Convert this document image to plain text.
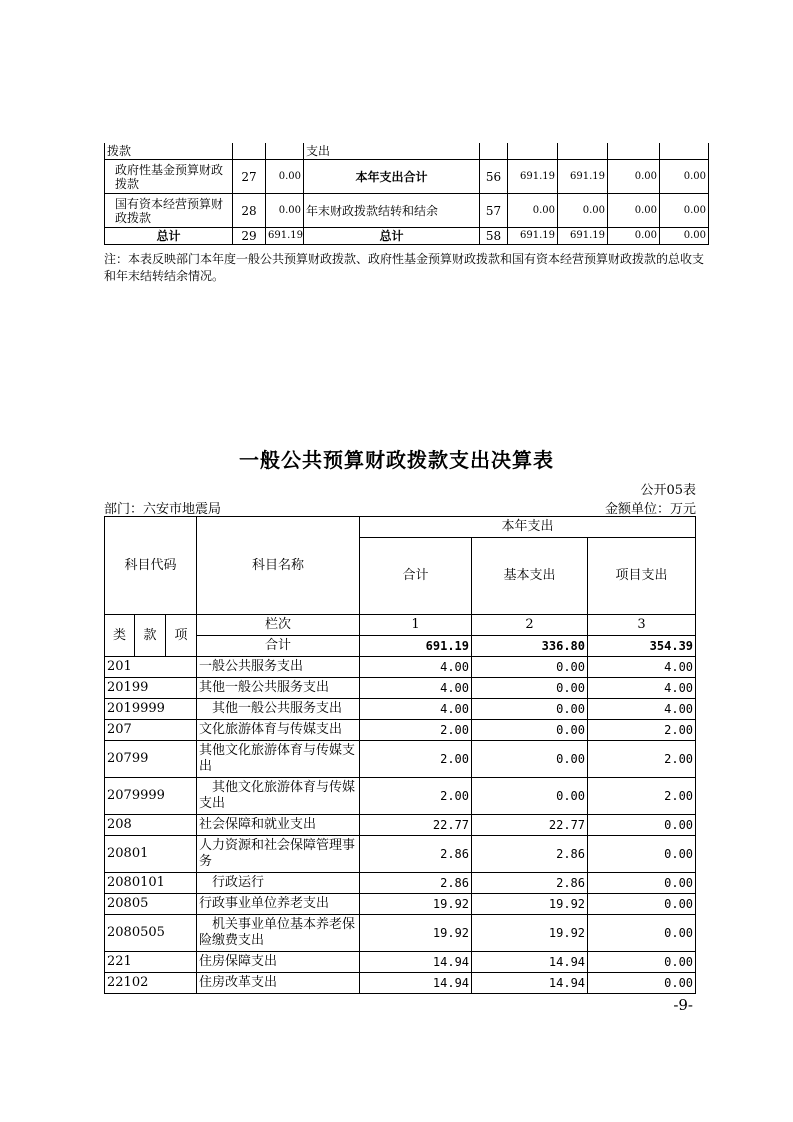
拨款			支出					
政府性基金预算财政拨款	27	0.00	本年支出合计	56	691.19	691.19	0.00	0.00
国有资本经营预算财政拨款	28	0.00	年末财政拨款结转和结余	57	0.00	0.00	0.00	0.00
总计	29	691.19	总计	58	691.19	691.19	0.00	0.00
注：本表反映部门本年度一般公共预算财政拨款、政府性基金预算财政拨款和国有资本经营预算财政拨款的总收支和年末结转结余情况。
一般公共预算财政拨款支出决算表
公开05表
部门：六安市地震局	金额单位：万元
科目代码			科目名称	本年支出		
				合计	基本支出	项目支出
类	款	项	栏次	1	2	3
			合计	691.19	336.80	354.39
201			一般公共服务支出	4.00	0.00	4.00
20199			其他一般公共服务支出	4.00	0.00	4.00
2019999			其他一般公共服务支出	4.00	0.00	4.00
207			文化旅游体育与传媒支出	2.00	0.00	2.00
20799			其他文化旅游体育与传媒支出	2.00	0.00	2.00
2079999			其他文化旅游体育与传媒支出	2.00	0.00	2.00
208			社会保障和就业支出	22.77	22.77	0.00
20801			人力资源和社会保障管理事务	2.86	2.86	0.00
2080101			行政运行	2.86	2.86	0.00
20805			行政事业单位养老支出	19.92	19.92	0.00
2080505			机关事业单位基本养老保险缴费支出	19.92	19.92	0.00
221			住房保障支出	14.94	14.94	0.00
22102			住房改革支出	14.94	14.94	0.00
-9-
